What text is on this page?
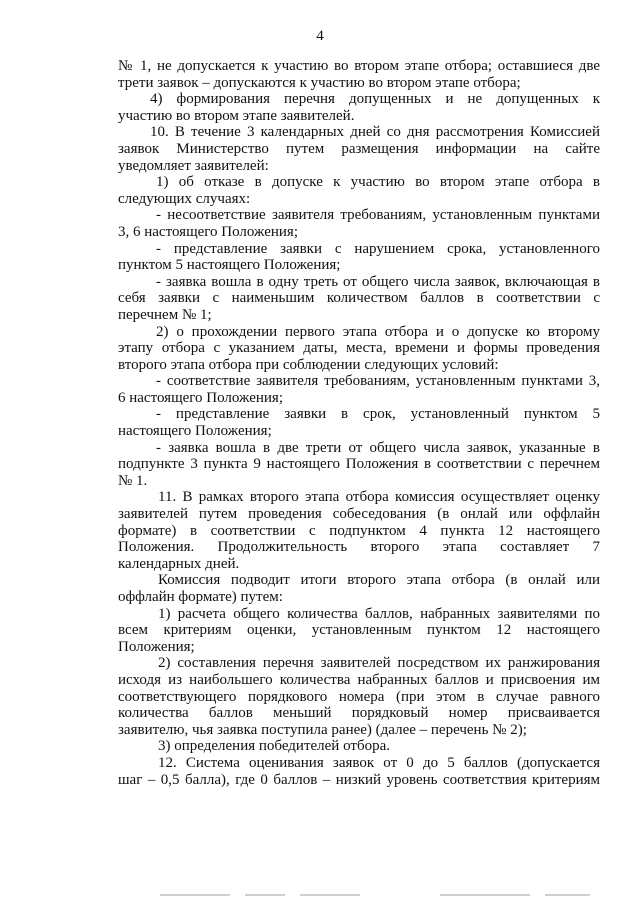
4
№ 1, не допускается к участию во втором этапе отбора; оставшиеся две
трети заявок – допускаются к участию во втором этапе отбора;
4) формирования перечня допущенных и не допущенных к
участию во втором этапе заявителей.
10. В течение 3 календарных дней со дня рассмотрения Комиссией
заявок Министерство путем размещения информации на сайте
уведомляет заявителей:
1) об отказе в допуске к участию во втором этапе отбора в
следующих случаях:
- несоответствие заявителя требованиям, установленным пунктами
3, 6 настоящего Положения;
- представление заявки с нарушением срока, установленного
пунктом 5 настоящего Положения;
- заявка вошла в одну треть от общего числа заявок, включающая в
себя заявки с наименьшим количеством баллов в соответствии с
перечнем № 1;
2) о прохождении первого этапа отбора и о допуске ко второму
этапу отбора с указанием даты, места, времени и формы проведения
второго этапа отбора при соблюдении следующих условий:
- соответствие заявителя требованиям, установленным пунктами 3,
6 настоящего Положения;
- представление заявки в срок, установленный пунктом 5
настоящего Положения;
- заявка вошла в две трети от общего числа заявок, указанные в
подпункте 3 пункта 9 настоящего Положения в соответствии с перечнем
№ 1.
11. В рамках второго этапа отбора комиссия осуществляет оценку
заявителей путем проведения собеседования (в онлай или оффлайн
формате) в соответствии с подпунктом 4 пункта 12 настоящего
Положения. Продолжительность второго этапа составляет 7
календарных дней.
Комиссия подводит итоги второго этапа отбора (в онлай или
оффлайн формате) путем:
1) расчета общего количества баллов, набранных заявителями по
всем критериям оценки, установленным пунктом 12 настоящего
Положения;
2) составления перечня заявителей посредством их ранжирования
исходя из наибольшего количества набранных баллов и присвоения им
соответствующего порядкового номера (при этом в случае равного
количества баллов меньший порядковый номер присваивается
заявителю, чья заявка поступила ранее) (далее – перечень № 2);
3) определения победителей отбора.
12. Система оценивания заявок от 0 до 5 баллов (допускается
шаг – 0,5 балла), где 0 баллов – низкий уровень соответствия критериям
